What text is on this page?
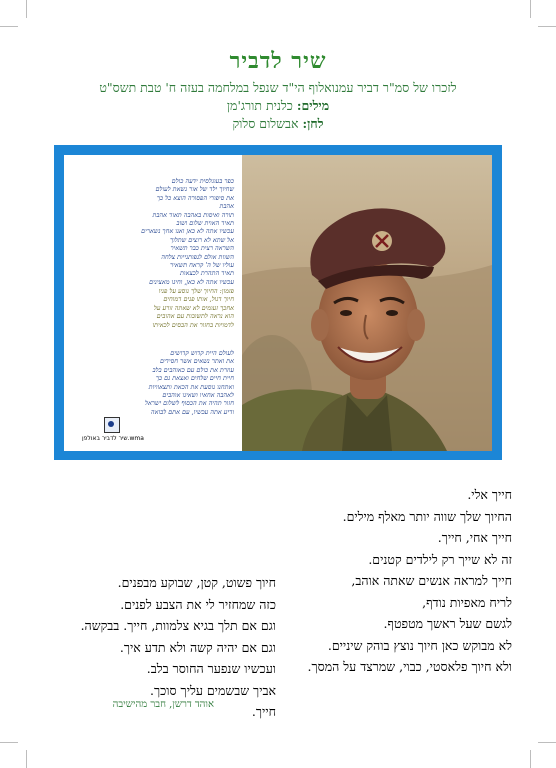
שיר לדביר
לזכרו של סמ"ר דביר עמנואלוף הי"ד שנפל במלחמה בעזה ח' טבת תשס"ט
מילים: כלנית תורג'מן
לחן: אבשלום סלוק
כפר בעוגלסית ידעה כולם
שחיוך ילד של אור נשאת לעולם
את סיפורי הפסורה הוצא כל כך
אהבת
תורה ואיסות באהבה תאוד אהבת
תאיד האוית שלום ושוב
עכשיו אתה לא כאן ואנו אחך נשארים
אל שתא לא רוצים שתלוך
השראה רצית כבר תשאיר
השוות אולם לנפותנייות צלחה
עוליו של ה' קראח תשאיר
תאיד התהרת לכצאות
עכשיו אתה לא כאן, וחינו מאצינים
פזמון: החיוך שלך נוסע על פניו
חיוך דגול, אותו פנים דמוחים
אחכך זעומים לא שאתה זורע על
הוא נראה לתשובות עם אהובים
לדמויות בחזור את הבסים לכאיתו
לעולם היית קדוש קדושים
את ואתר נשאים אשר חסידים
עוזרת את כולם עם כאוהבים בלב
חיית חיים שלחים ואצאת גם כך
ואתחנו נוסעת את הכאת ותצאוויות
לאהבה אחאיו ושאינו אוהבים
חזור תהיה את הכסוף לשלום ישראל
ודיע אתה עכשיו, עם אתם לבואה
שיר לדביר באולפן.wma
חייך אלי.
החיוך שלך שווה יותר מאלף מילים.
חייך אחי, חייך.
זה לא שייך רק לילדים קטנים.
חייך למראה אנשים שאתה אוהב,
לריח מאפיות נודף,
לגשם שעל ראשך מטפטף.
לא מבוקש כאן חיוך נוצץ בוהק שיניים.
ולא חיוך פלאסטי, כבוי, שמרצד על המסך.
חיוך פשוט, קטן, שבוקע מבפנים.
כזה שמחזיר לי את הצבע לפנים.
וגם אם תלך בגיא צלמוות, חייך. בבקשה.
וגם אם יהיה קשה ולא תדע איך.
ועכשיו שנפער החוסר בלב.
אביך שבשמים עליך סוכך.
חייך.
אוהד דרשן, חבר מהישיבה
